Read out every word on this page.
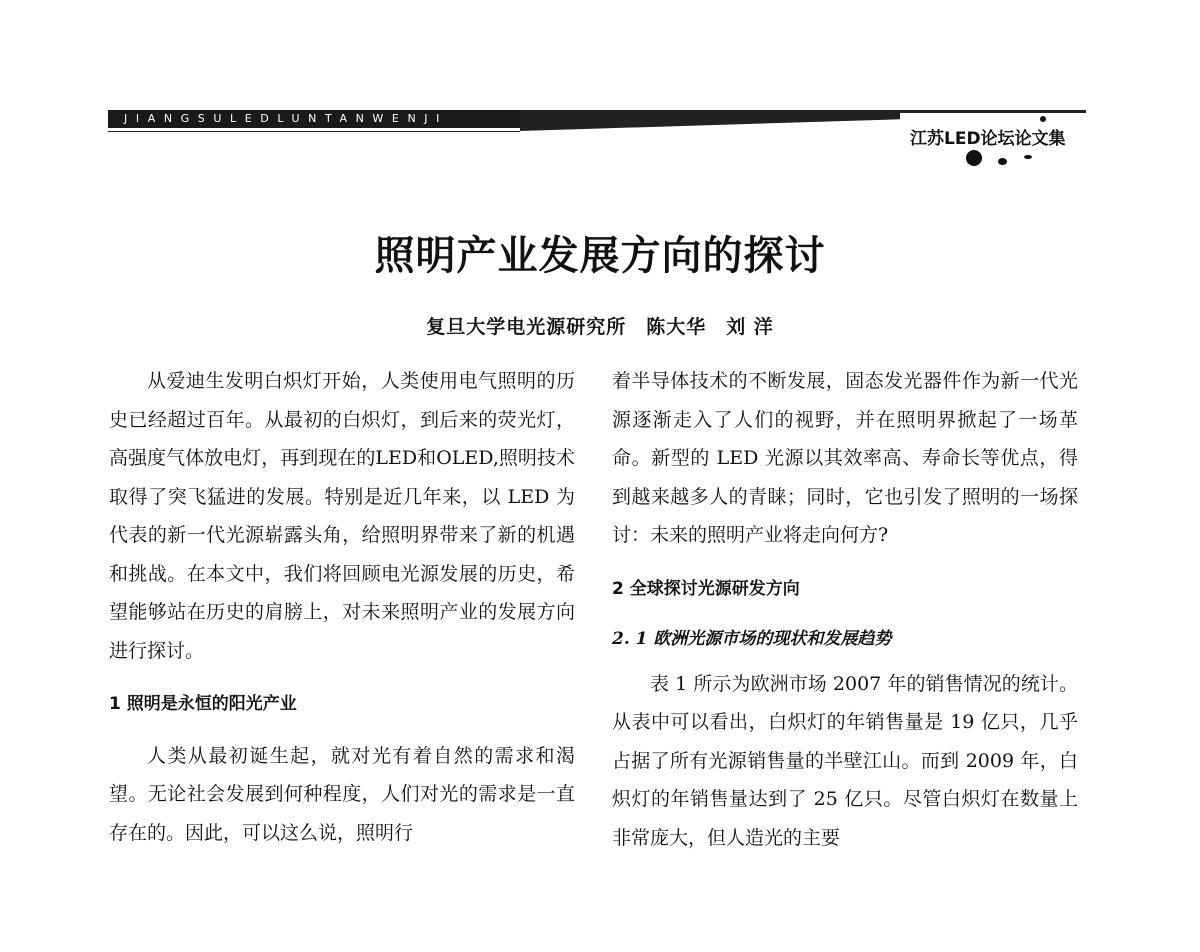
JIANGSULEDLUNTANWENJI
江苏LED论坛论文集
照明产业发展方向的探讨
复旦大学电光源研究所　陈大华　刘 洋

从爱迪生发明白炽灯开始，人类使用电气照明的历史已经超过百年。从最初的白炽灯，到后来的荧光灯，高强度气体放电灯，再到现在的LED和OLED,照明技术取得了突飞猛进的发展。特别是近几年来，以 LED 为代表的新一代光源崭露头角，给照明界带来了新的机遇和挑战。在本文中，我们将回顾电光源发展的历史，希望能够站在历史的肩膀上，对未来照明产业的发展方向进行探讨。

1 照明是永恒的阳光产业

人类从最初诞生起，就对光有着自然的需求和渴望。无论社会发展到何种程度，人们对光的需求是一直存在的。因此，可以这么说，照明行

着半导体技术的不断发展，固态发光器件作为新一代光源逐渐走入了人们的视野，并在照明界掀起了一场革命。新型的 LED 光源以其效率高、寿命长等优点，得到越来越多人的青睐；同时，它也引发了照明的一场探讨：未来的照明产业将走向何方?

2 全球探讨光源研发方向

2. 1 欧洲光源市场的现状和发展趋势

表 1 所示为欧洲市场 2007 年的销售情况的统计。从表中可以看出，白炽灯的年销售量是 19 亿只，几乎占据了所有光源销售量的半壁江山。而到 2009 年，白炽灯的年销售量达到了 25 亿只。尽管白炽灯在数量上非常庞大，但人造光的主要
